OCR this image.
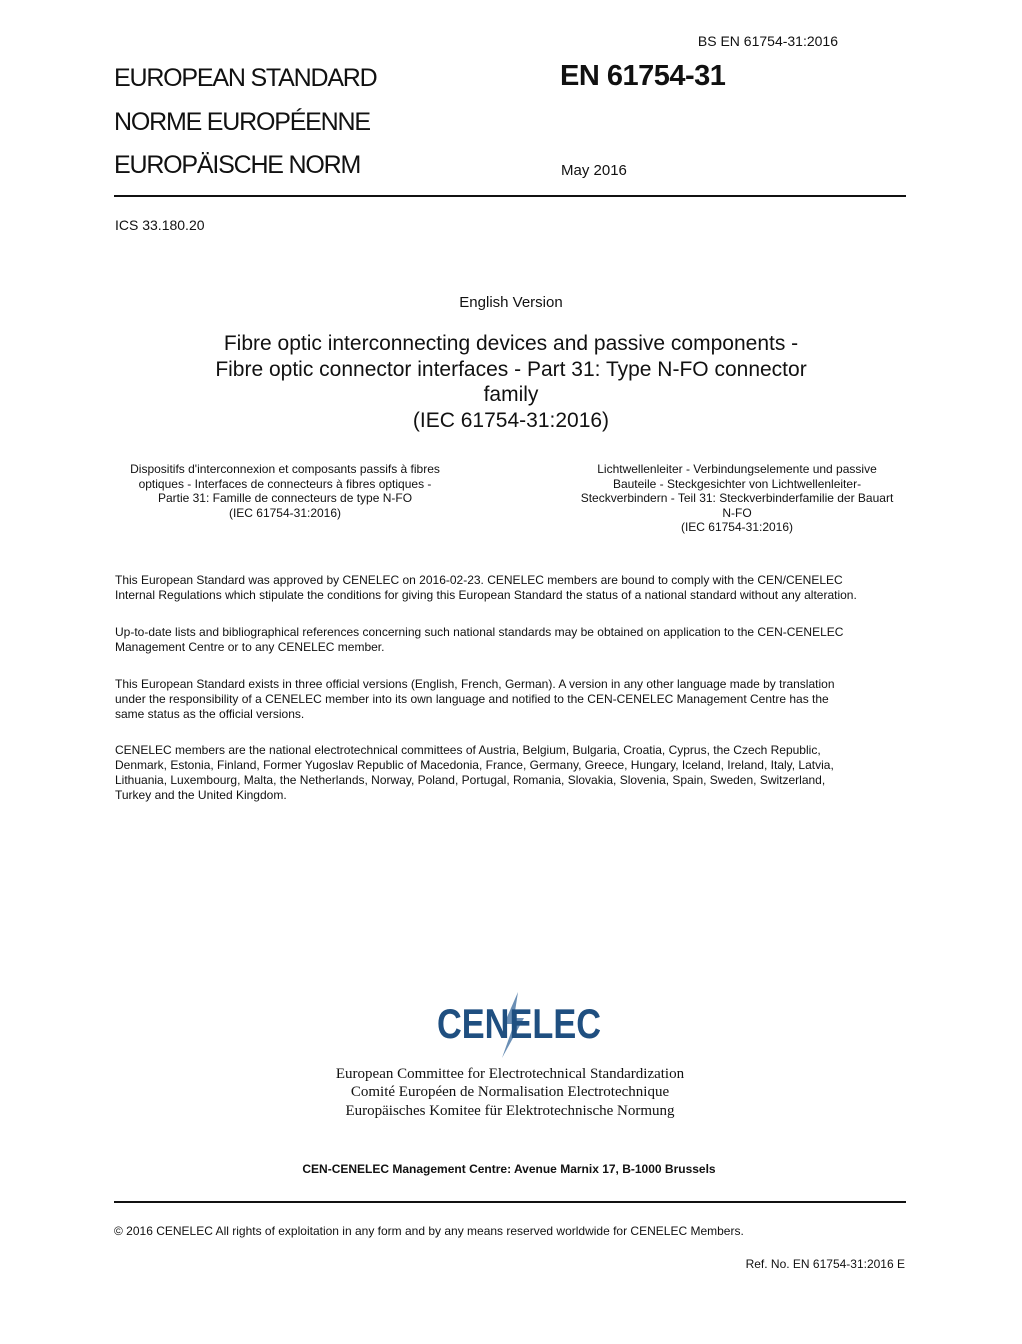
BS EN 61754-31:2016
EUROPEAN STANDARD
NORME EUROPÉENNE
EUROPÄISCHE NORM
EN 61754-31
May 2016
ICS 33.180.20
English Version
Fibre optic interconnecting devices and passive components -
Fibre optic connector interfaces - Part 31: Type N-FO connector
family
(IEC 61754-31:2016)
Dispositifs d'interconnexion et composants passifs à fibres
optiques - Interfaces de connecteurs à fibres optiques -
Partie 31: Famille de connecteurs de type N-FO
(IEC 61754-31:2016)
Lichtwellenleiter - Verbindungselemente und passive
Bauteile - Steckgesichter von Lichtwellenleiter-
Steckverbindern - Teil 31: Steckverbinderfamilie der Bauart
N-FO
(IEC 61754-31:2016)
This European Standard was approved by CENELEC on 2016-02-23. CENELEC members are bound to comply with the CEN/CENELEC
Internal Regulations which stipulate the conditions for giving this European Standard the status of a national standard without any alteration.
Up-to-date lists and bibliographical references concerning such national standards may be obtained on application to the CEN-CENELEC
Management Centre or to any CENELEC member.
This European Standard exists in three official versions (English, French, German). A version in any other language made by translation
under the responsibility of a CENELEC member into its own language and notified to the CEN-CENELEC Management Centre has the
same status as the official versions.
CENELEC members are the national electrotechnical committees of Austria, Belgium, Bulgaria, Croatia, Cyprus, the Czech Republic,
Denmark, Estonia, Finland, Former Yugoslav Republic of Macedonia, France, Germany, Greece, Hungary, Iceland, Ireland, Italy, Latvia,
Lithuania, Luxembourg, Malta, the Netherlands, Norway, Poland, Portugal, Romania, Slovakia, Slovenia, Spain, Sweden, Switzerland,
Turkey and the United Kingdom.
CENELEC
European Committee for Electrotechnical Standardization
Comité Européen de Normalisation Electrotechnique
Europäisches Komitee für Elektrotechnische Normung
CEN-CENELEC Management Centre: Avenue Marnix 17, B-1000 Brussels
© 2016 CENELEC All rights of exploitation in any form and by any means reserved worldwide for CENELEC Members.
Ref. No. EN 61754-31:2016 E
